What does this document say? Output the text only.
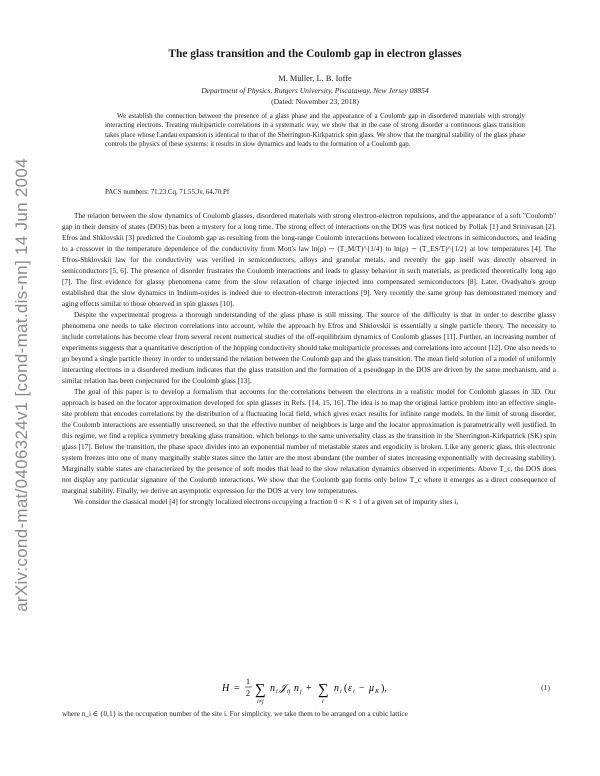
arXiv:cond-mat/0406324v1 [cond-mat.dis-nn] 14 Jun 2004
The glass transition and the Coulomb gap in electron glasses
M. Müller, L. B. Ioffe
Department of Physics, Rutgers University, Piscataway, New Jersey 08854
(Dated: November 23, 2018)

We establish the connection between the presence of a glass phase and the appearance of a Coulomb gap in disordered materials with strongly interacting electrons. Treating multiparticle correlations in a systematic way, we show that in the case of strong disorder a continuous glass transition takes place whose Landau expansion is identical to that of the Sherrington-Kirkpatrick spin glass. We show that the marginal stability of the glass phase controls the physics of these systems: it results in slow dynamics and leads to the formation of a Coulomb gap.

PACS numbers: 71.23.Cq, 71.55.Jv, 64.70.Pf

The relation between the slow dynamics of Coulomb glasses, disordered materials with strong electron-electron repulsions, and the appearance of a soft "Coulomb" gap in their density of states (DOS) has been a mystery for a long time. The strong effect of interactions on the DOS was first noticed by Pollak [1] and Srinivasan [2]. Efros and Shklovskii [3] predicted the Coulomb gap as resulting from the long-range Coulomb interactions between localized electrons in semiconductors, and leading to a crossover in the temperature dependence of the conductivity from Mott's law ln(ρ) ∼ (T_M/T)^{1/4} to ln(ρ) ∼ (T_ES/T)^{1/2} at low temperatures [4]. The Efros-Shklovskii law for the conductivity was verified in semiconductors, alloys and granular metals, and recently the gap itself was directly observed in semiconductors [5, 6]. The presence of disorder frustrates the Coulomb interactions and leads to glassy behavior in such materials, as predicted theoretically long ago [7]. The first evidence for glassy phenomena came from the slow relaxation of charge injected into compensated semiconductors [8]. Later, Ovadyahu's group established that the slow dynamics in Indium-oxides is indeed due to electron-electron interactions [9]. Very recently the same group has demonstrated memory and aging effects similar to those observed in spin glasses [10].

Despite the experimental progress a thorough understanding of the glass phase is still missing. The source of the difficulty is that in order to describe glassy phenomena one needs to take electron correlations into account, while the approach by Efros and Shklovskii is essentially a single particle theory. The necessity to include correlations has become clear from several recent numerical studies of the off-equilibrium dynamics of Coulomb glasses [11]. Further, an increasing number of experiments suggests that a quantitative description of the hopping conductivity should take multiparticle processes and correlations into account [12]. One also needs to go beyond a single particle theory in order to understand the relation between the Coulomb gap and the glass transition. The mean field solution of a model of uniformly interacting electrons in a disordered medium indicates that the glass transition and the formation of a pseudogap in the DOS are driven by the same mechanism, and a similar relation has been conjectured for the Coulomb glass [13].

The goal of this paper is to develop a formalism that accounts for the correlations between the electrons in a realistic model for Coulomb glasses in 3D. Our approach is based on the locator approximation developed for spin glasses in Refs. [14, 15, 16]. The idea is to map the original lattice problem into an effective single-site problem that encodes correlations by the distribution of a fluctuating local field, which gives exact results for infinite range models. In the limit of strong disorder, the Coulomb interactions are essentially unscreened, so that the effective number of neighbors is large and the locator approximation is parametrically well justified. In this regime, we find a replica symmetry breaking glass transition, which belongs to the same universality class as the transition in the Sherrington-Kirkpatrick (SK) spin glass [17]. Below the transition, the phase space divides into an exponential number of metastable states and ergodicity is broken. Like any generic glass, this electronic system freezes into one of many marginally stable states since the latter are the most abundant (the number of states increasing exponentially with decreasing stability). Marginally stable states are characterized by the presence of soft modes that lead to the slow relaxation dynamics observed in experiments. Above T_c, the DOS does not display any particular signature of the Coulomb interactions. We show that the Coulomb gap forms only below T_c where it emerges as a direct consequence of marginal stability. Finally, we derive an asymptotic expression for the DOS at very low temperatures.

We consider the classical model [4] for strongly localized electrons occupying a fraction 0 < K < 1 of a given set of impurity sites i,

H =
1
2 ∑
i≠j
n i 𝒥 ij n j + ∑
i
n i ( ε i − μ K ),	(1)

where n_i ∈ {0,1} is the occupation number of the site i. For simplicity, we take them to be arranged on a cubic lattice
